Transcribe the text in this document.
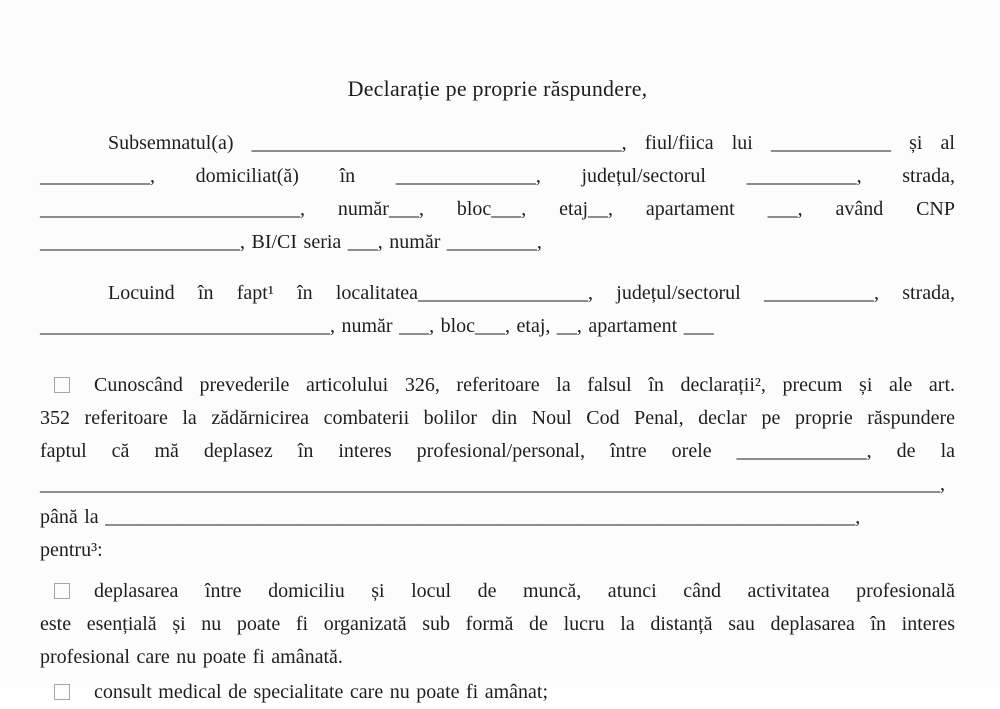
Declarație pe proprie răspundere,
Subsemnatul(a) _____________________________________, fiul/fiica lui ____________ și al
___________, domiciliat(ă) în ______________, județul/sectorul ___________, strada,
__________________________, număr___, bloc___, etaj__, apartament ___, având CNP
____________________, BI/CI seria ___, număr _________,
Locuind în fapt¹ în localitatea_________________, județul/sectorul ___________, strada,
_____________________________, număr ___, bloc___, etaj, __, apartament ___
Cunoscând prevederile articolului 326, referitoare la falsul în declarații², precum și ale art.
352 referitoare la zădărnicirea combaterii bolilor din Noul Cod Penal, declar pe proprie răspundere
faptul că mă deplasez în interes profesional/personal, între orele _____________, de la
__________________________________________________________________________________________,
până la ___________________________________________________________________________,
pentru³:
deplasarea între domiciliu și locul de muncă, atunci când activitatea profesională
este esențială și nu poate fi organizată sub formă de lucru la distanță sau deplasarea în interes
profesional care nu poate fi amânată.
consult medical de specialitate care nu poate fi amânat;
